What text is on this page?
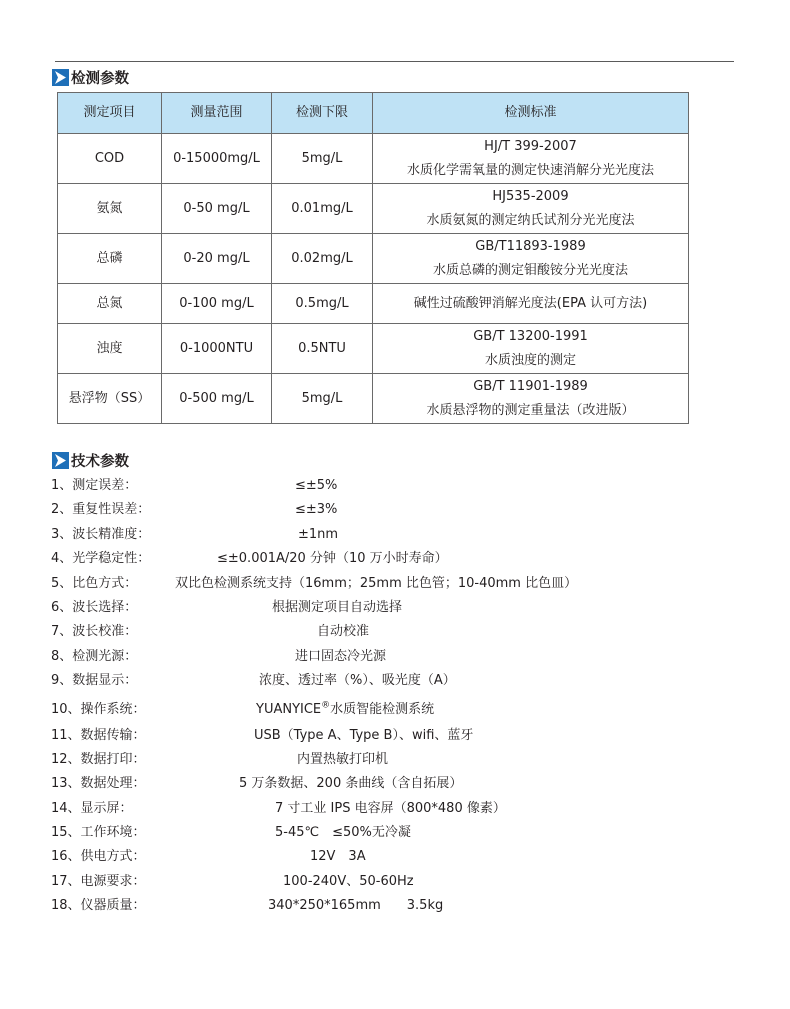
检测参数
测定项目	测量范围	检测下限	检测标准
COD	0-15000mg/L	5mg/L	HJ/T 399-2007
水质化学需氧量的测定快速消解分光光度法

氨氮	0-50 mg/L	0.01mg/L	HJ535-2009
水质氨氮的测定纳氏试剂分光光度法

总磷	0-20 mg/L	0.02mg/L	GB/T11893-1989
水质总磷的测定钼酸铵分光光度法

总氮	0-100 mg/L	0.5mg/L	碱性过硫酸钾消解光度法(EPA 认可方法)

浊度	0-1000NTU	0.5NTU	GB/T 13200-1991
水质浊度的测定

悬浮物（SS）	0-500 mg/L	5mg/L	GB/T 11901-1989
水质悬浮物的测定重量法（改进版）
技术参数
1、测定误差：	≤±5%
2、重复性误差：	≤±3%
3、波长精准度：	±1nm
4、光学稳定性：	≤±0.001A/20 分钟（10 万小时寿命）
5、比色方式：	双比色检测系统支持（16mm；25mm 比色管；10-40mm 比色皿）
6、波长选择：	根据测定项目自动选择
7、波长校准：	自动校准
8、检测光源：	进口固态冷光源
9、数据显示：	浓度、透过率（%）、吸光度（A）
10、操作系统：	YUANYICE®水质智能检测系统
11、数据传输：	USB（Type A、Type B）、wifi、蓝牙
12、数据打印：	内置热敏打印机
13、数据处理：	5 万条数据、200 条曲线（含自拓展）
14、显示屏：	7 寸工业 IPS 电容屏（800*480 像素）
15、工作环境：	5-45℃　≤50%无冷凝
16、供电方式：	12V　3A
17、电源要求：	100-240V、50-60Hz
18、仪器质量：	340*250*165mm　　3.5kg
